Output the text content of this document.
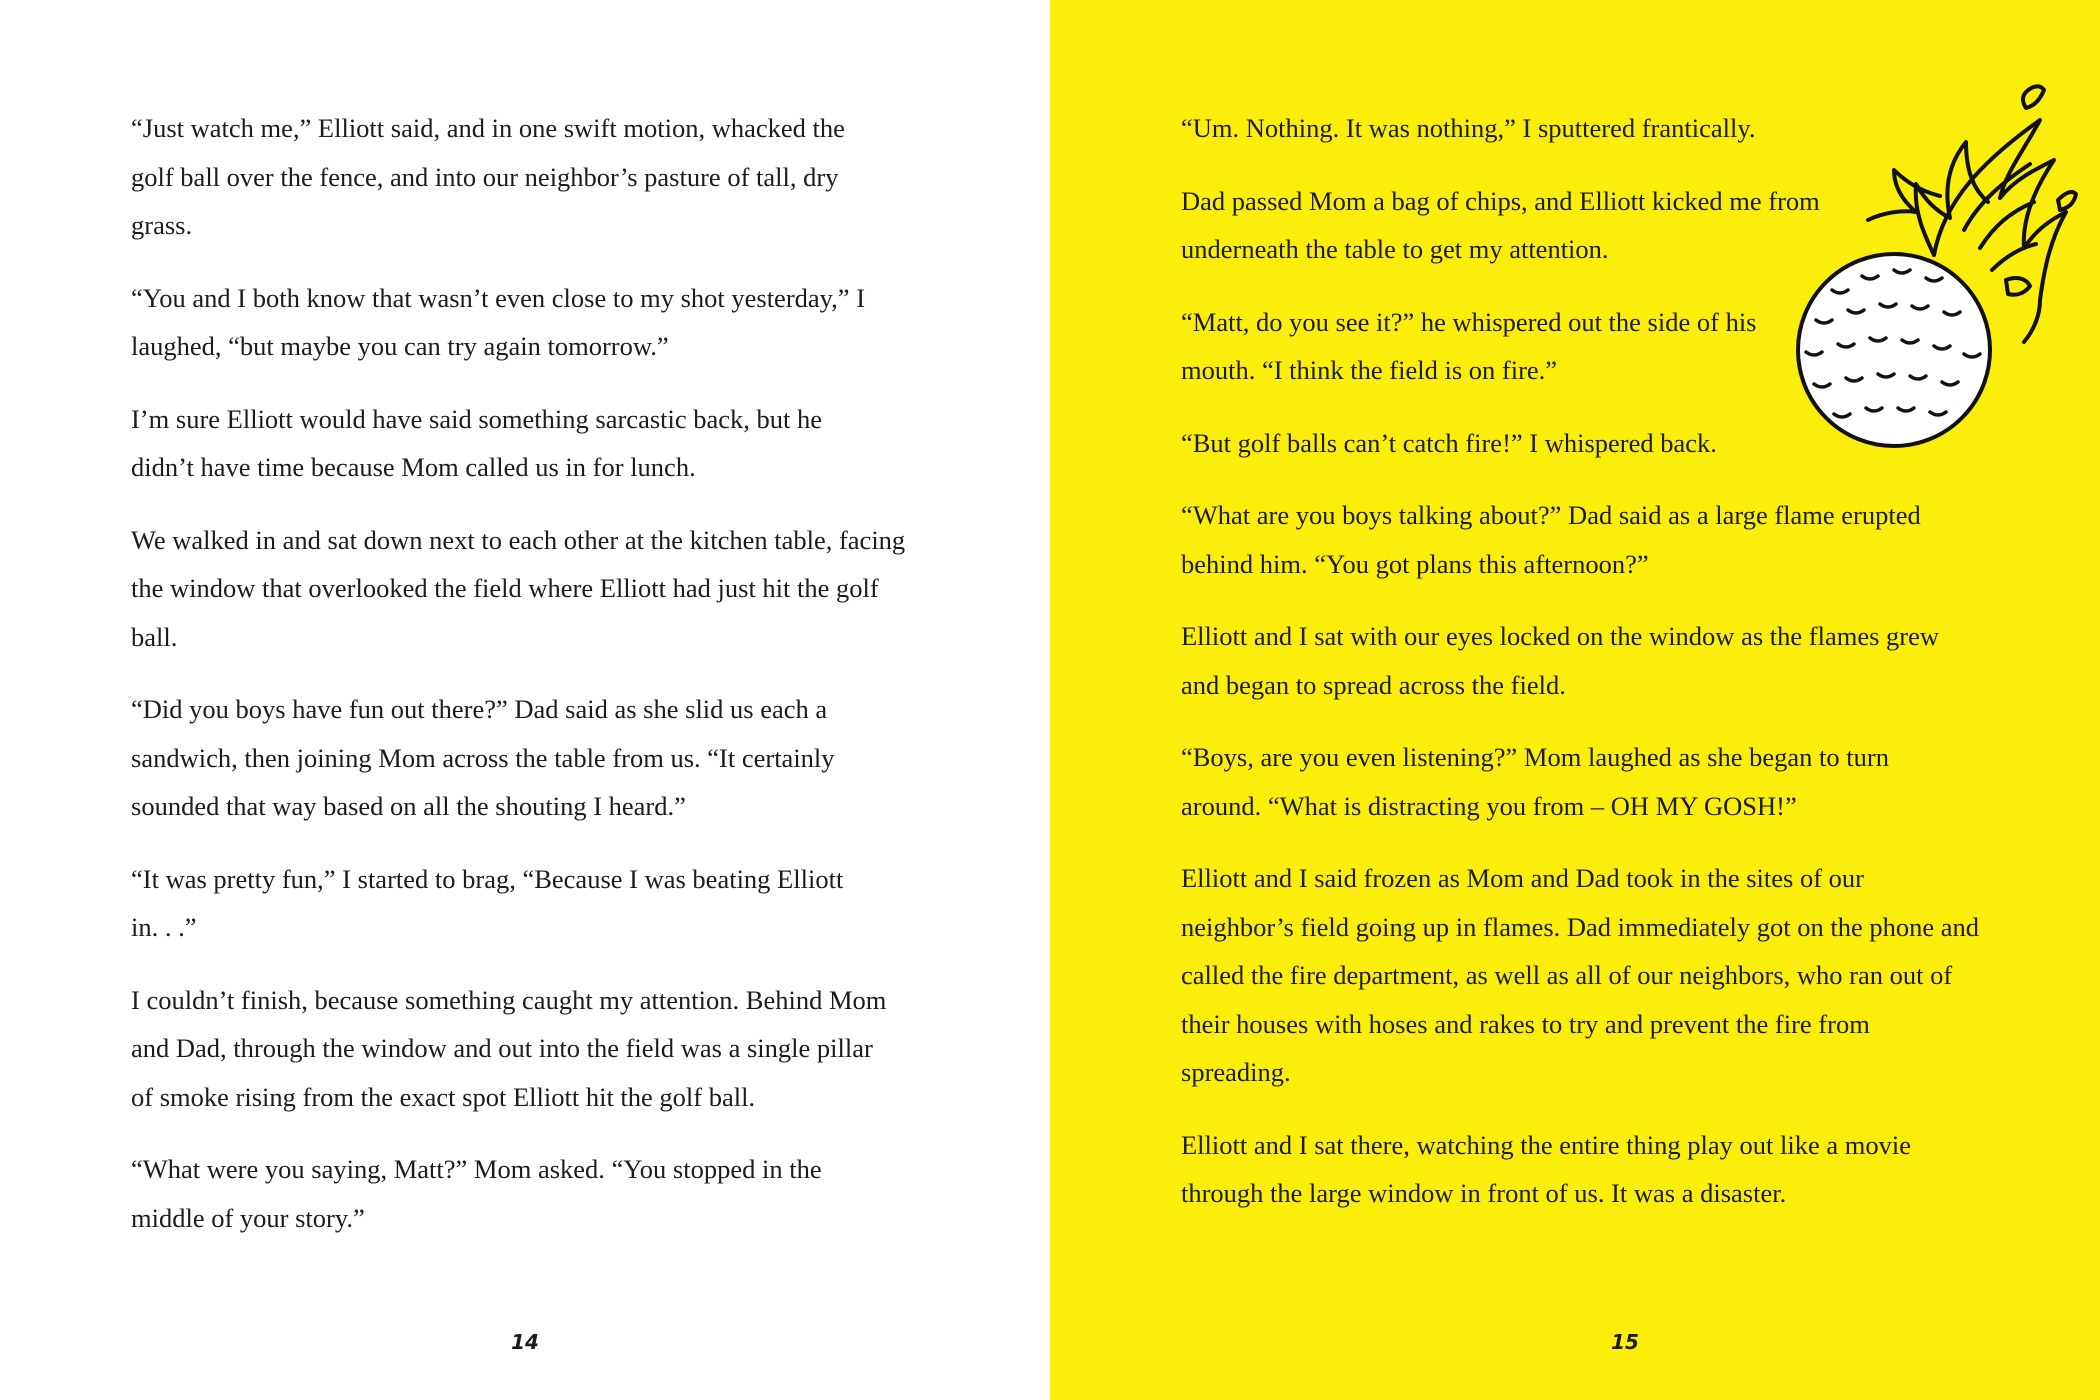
“Just watch me,” Elliott said, and in one swift motion, whacked the golf ball over the fence, and into our neighbor’s pasture of tall, dry grass.

“You and I both know that wasn’t even close to my shot yesterday,” I laughed, “but maybe you can try again tomorrow.”

I’m sure Elliott would have said something sarcastic back, but he didn’t have time because Mom called us in for lunch.

We walked in and sat down next to each other at the kitchen table, facing the window that overlooked the field where Elliott had just hit the golf ball.

“Did you boys have fun out there?” Dad said as she slid us each a sandwich, then joining Mom across the table from us. “It certainly sounded that way based on all the shouting I heard.”

“It was pretty fun,” I started to brag, “Because I was beating Elliott in. . .”

I couldn’t finish, because something caught my attention. Behind Mom and Dad, through the window and out into the field was a single pillar of smoke rising from the exact spot Elliott hit the golf ball.

“What were you saying, Matt?” Mom asked. “You stopped in the middle of your story.”

14

“Um. Nothing. It was nothing,” I sputtered frantically.

Dad passed Mom a bag of chips, and Elliott kicked me from underneath the table to get my attention.

“Matt, do you see it?” he whispered out the side of his mouth. “I think the field is on fire.”

“But golf balls can’t catch fire!” I whispered back.

“What are you boys talking about?” Dad said as a large flame erupted behind him. “You got plans this afternoon?”

Elliott and I sat with our eyes locked on the window as the flames grew and began to spread across the field.

“Boys, are you even listening?” Mom laughed as she began to turn around. “What is distracting you from – OH MY GOSH!”

Elliott and I said frozen as Mom and Dad took in the sites of our neighbor’s field going up in flames. Dad immediately got on the phone and called the fire department, as well as all of our neighbors, who ran out of their houses with hoses and rakes to try and prevent the fire from spreading.

Elliott and I sat there, watching the entire thing play out like a movie through the large window in front of us. It was a disaster.

15
